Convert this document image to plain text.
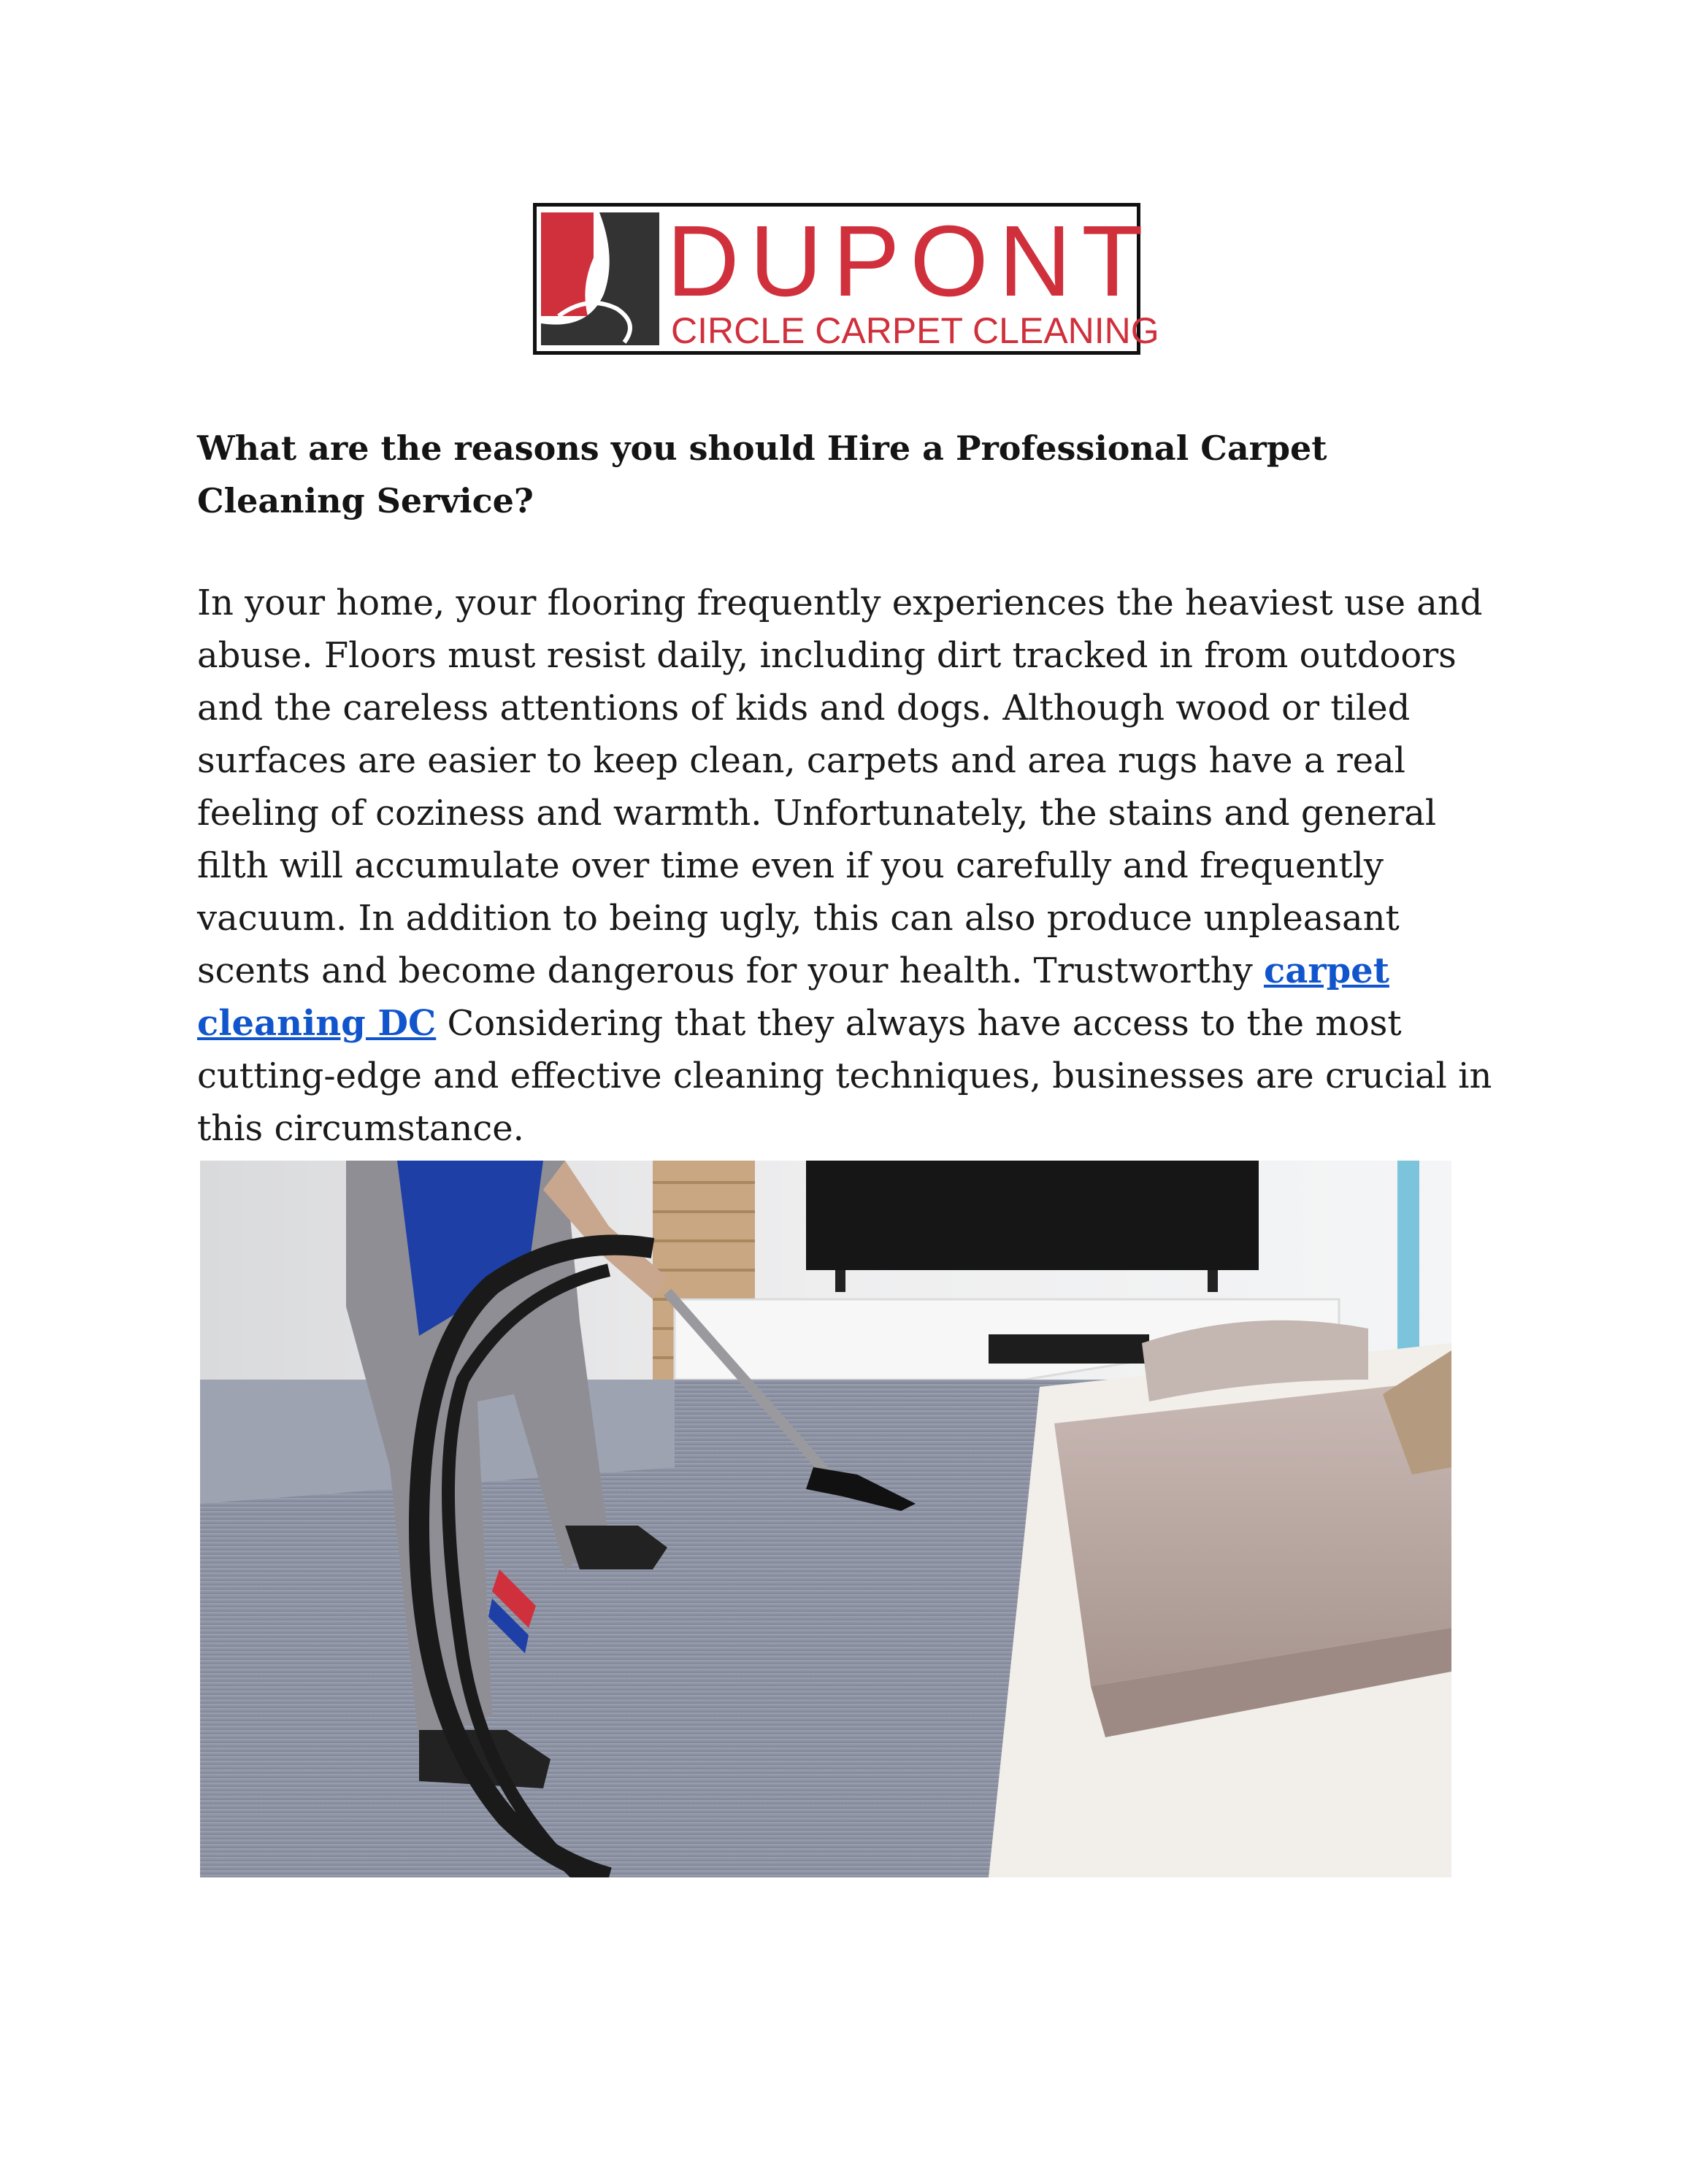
DUPONT
CIRCLE CARPET CLEANING
What are the reasons you should Hire a Professional Carpet Cleaning Service?

In your home, your flooring frequently experiences the heaviest use and abuse. Floors must resist daily, including dirt tracked in from outdoors and the careless attentions of kids and dogs. Although wood or tiled surfaces are easier to keep clean, carpets and area rugs have a real feeling of coziness and warmth. Unfortunately, the stains and general filth will accumulate over time even if you carefully and frequently vacuum. In addition to being ugly, this can also produce unpleasant scents and become dangerous for your health. Trustworthy carpet cleaning DC Considering that they always have access to the most cutting-edge and effective cleaning techniques, businesses are crucial in this circumstance.
